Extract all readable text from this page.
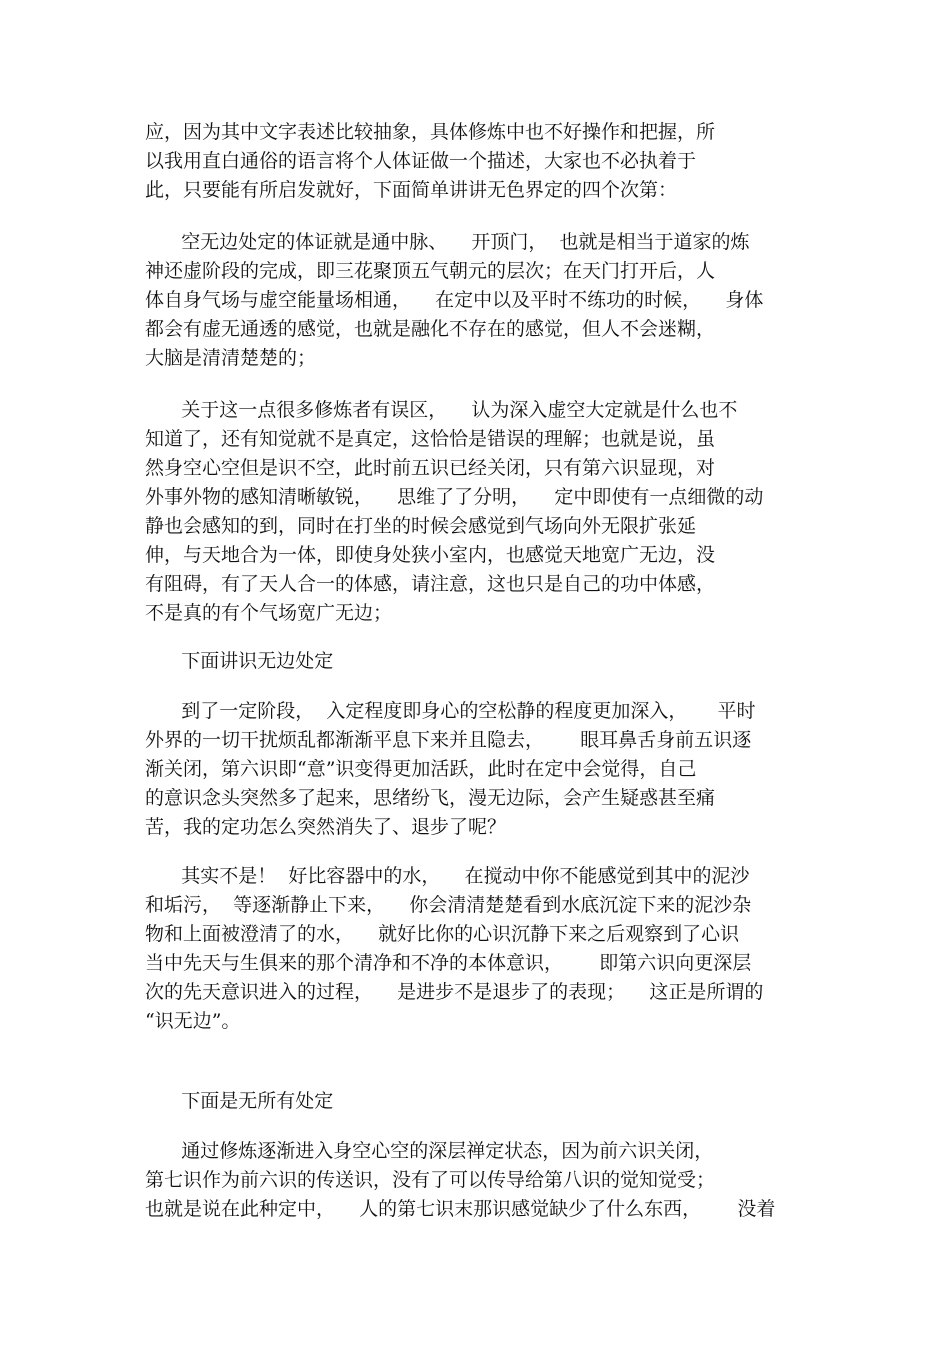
应，因为其中文字表述比较抽象，具体修炼中也不好操作和把握，所
以我用直白通俗的语言将个人体证做一个描述，大家也不必执着于
此，只要能有所启发就好，下面简单讲讲无色界定的四个次第：
空无边处定的体证就是通中脉、    开顶门，  也就是相当于道家的炼
神还虚阶段的完成，即三花聚顶五气朝元的层次；在天门打开后，人
体自身气场与虚空能量场相通，    在定中以及平时不练功的时候，    身体
都会有虚无通透的感觉，也就是融化不存在的感觉，但人不会迷糊，
大脑是清清楚楚的；
关于这一点很多修炼者有误区，    认为深入虚空大定就是什么也不
知道了，还有知觉就不是真定，这恰恰是错误的理解；也就是说，虽
然身空心空但是识不空，此时前五识已经关闭，只有第六识显现，对
外事外物的感知清晰敏锐，    思维了了分明，    定中即使有一点细微的动
静也会感知的到，同时在打坐的时候会感觉到气场向外无限扩张延
伸，与天地合为一体，即使身处狭小室内，也感觉天地宽广无边，没
有阻碍，有了天人合一的体感，请注意，这也只是自己的功中体感，
不是真的有个气场宽广无边；
下面讲识无边处定
到了一定阶段，  入定程度即身心的空松静的程度更加深入，     平时
外界的一切干扰烦乱都渐渐平息下来并且隐去，      眼耳鼻舌身前五识逐
渐关闭，第六识即“意”识变得更加活跃，此时在定中会觉得，自己
的意识念头突然多了起来，思绪纷飞，漫无边际，会产生疑惑甚至痛
苦，我的定功怎么突然消失了、退步了呢？
其实不是！  好比容器中的水，    在搅动中你不能感觉到其中的泥沙
和垢污，  等逐渐静止下来，    你会清清楚楚看到水底沉淀下来的泥沙杂
物和上面被澄清了的水，    就好比你的心识沉静下来之后观察到了心识
当中先天与生俱来的那个清净和不净的本体意识，      即第六识向更深层
次的先天意识进入的过程，    是进步不是退步了的表现；    这正是所谓的
“识无边”。
下面是无所有处定
通过修炼逐渐进入身空心空的深层禅定状态，因为前六识关闭，
第七识作为前六识的传送识，没有了可以传导给第八识的觉知觉受；
也就是说在此种定中，    人的第七识末那识感觉缺少了什么东西，      没着
